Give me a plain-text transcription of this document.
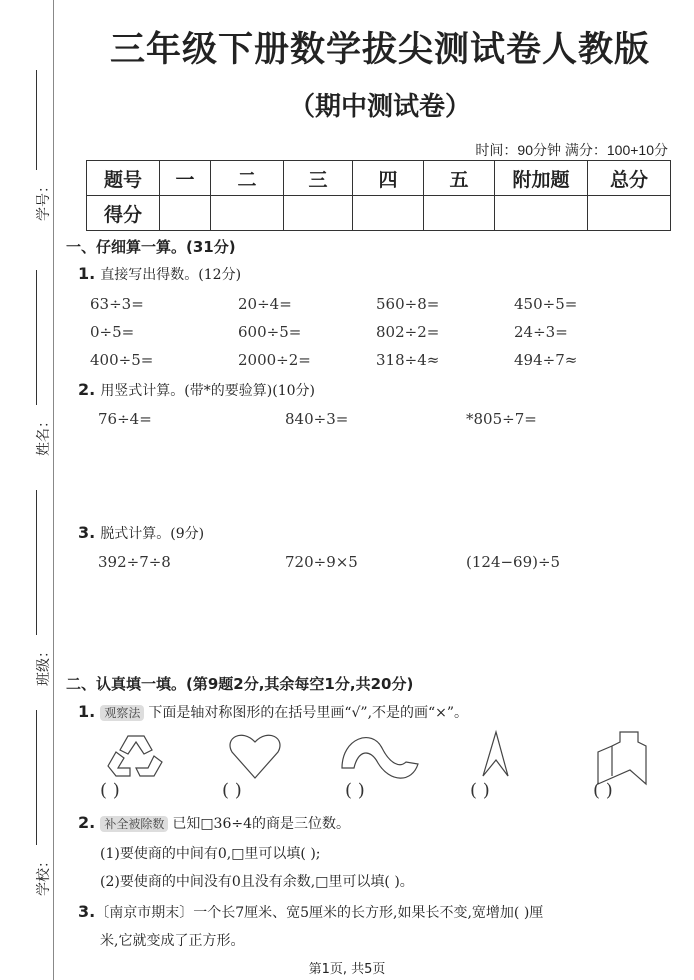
学号：
姓名：
班级：
学校：
三年级下册数学拔尖测试卷人教版
（期中测试卷）
时间：90分钟 满分：100+10分
题号	一	二	三	四	五	附加题	总分
得分							
一、仔细算一算。(31分)
1. 直接写出得数。(12分)
63÷3=	20÷4=	560÷8=	450÷5=
0÷5=	600÷5=	802÷2=	24÷3=
400÷5=	2000÷2=	318÷4≈	494÷7≈
2. 用竖式计算。(带*的要验算)(10分)
76÷4=	840÷3=	*805÷7=
3. 脱式计算。(9分)
392÷7÷8	720÷9×5	(124−69)÷5
二、认真填一填。(第9题2分,其余每空1分,共20分)
1. 观察法 下面是轴对称图形的在括号里画“√”,不是的画“×”。
( )	( )	( )	( )	( )
2. 补全被除数 已知□36÷4的商是三位数。
(1)要使商的中间有0,□里可以填( );
(2)要使商的中间没有0且没有余数,□里可以填( )。
3.〔南京市期末〕一个长7厘米、宽5厘米的长方形,如果长不变,宽增加( )厘
米,它就变成了正方形。
第1页, 共5页
